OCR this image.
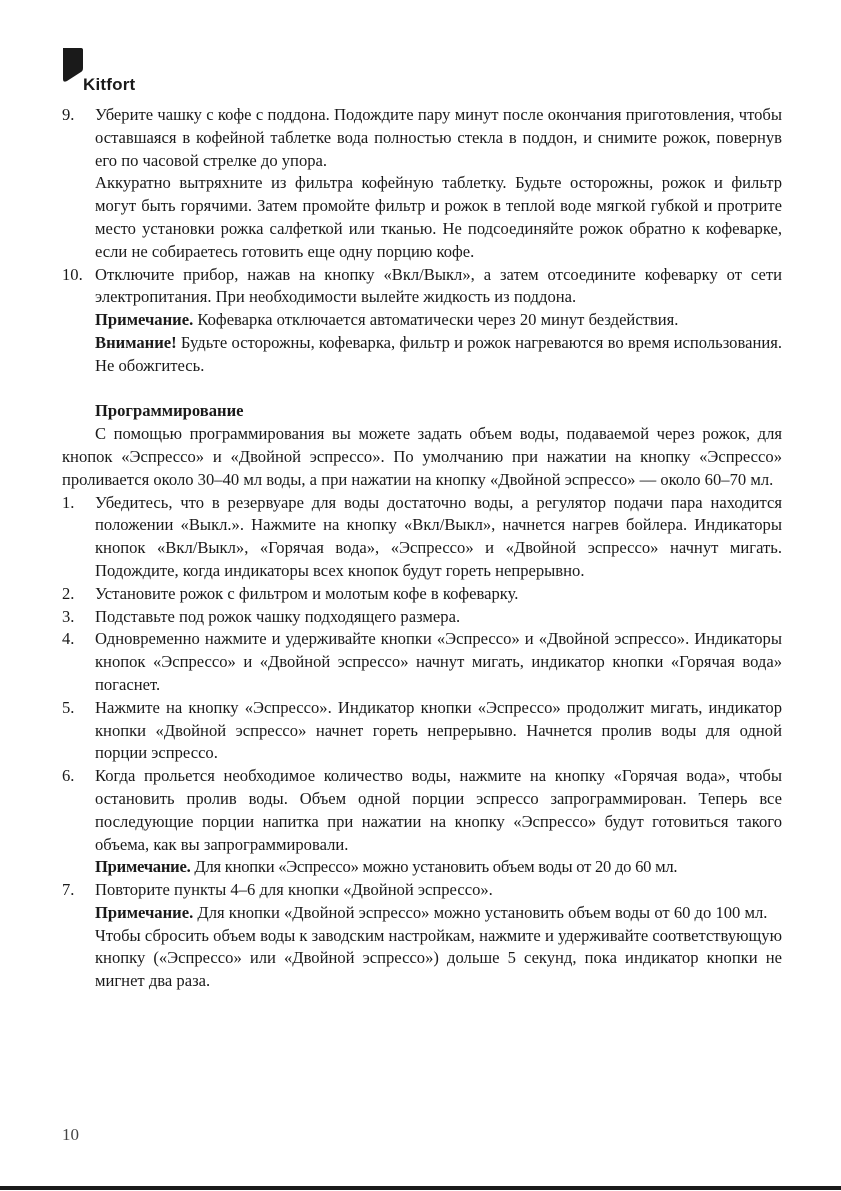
Kitfort

9. Уберите чашку с кофе с поддона. Подождите пару минут после окончания приготовления, чтобы оставшаяся в кофейной таблетке вода полностью стекла в поддон, и снимите рожок, повернув его по часовой стрелке до упора.

Аккуратно вытряхните из фильтра кофейную таблетку. Будьте осторожны, рожок и фильтр могут быть горячими. Затем промойте фильтр и рожок в теплой воде мягкой губкой и протрите место установки рожка салфеткой или тканью. Не подсоединяйте рожок обратно к кофеварке, если не собираетесь готовить еще одну порцию кофе.

10. Отключите прибор, нажав на кнопку «Вкл/Выкл», а затем отсоедините кофеварку от сети электропитания. При необходимости вылейте жидкость из поддона.

Примечание. Кофеварка отключается автоматически через 20 минут бездействия.

Внимание! Будьте осторожны, кофеварка, фильтр и рожок нагреваются во время использования. Не обожгитесь.

Программирование

С помощью программирования вы можете задать объем воды, подаваемой через рожок, для кнопок «Эспрессо» и «Двойной эспрессо». По умолчанию при нажатии на кнопку «Эспрессо» проливается около 30–40 мл воды, а при нажатии на кнопку «Двойной эспрессо» — около 60–70 мл.

1. Убедитесь, что в резервуаре для воды достаточно воды, а регулятор подачи пара находится положении «Выкл.». Нажмите на кнопку «Вкл/Выкл», начнется нагрев бойлера. Индикаторы кнопок «Вкл/Выкл», «Горячая вода», «Эспрессо» и «Двойной эспрессо» начнут мигать. Подождите, когда индикаторы всех кнопок будут гореть непрерывно.

2. Установите рожок с фильтром и молотым кофе в кофеварку.

3. Подставьте под рожок чашку подходящего размера.

4. Одновременно нажмите и удерживайте кнопки «Эспрессо» и «Двойной эспрессо». Индикаторы кнопок «Эспрессо» и «Двойной эспрессо» начнут мигать, индикатор кнопки «Горячая вода» погаснет.

5. Нажмите на кнопку «Эспрессо». Индикатор кнопки «Эспрессо» продолжит мигать, индикатор кнопки «Двойной эспрессо» начнет гореть непрерывно. Начнется пролив воды для одной порции эспрессо.

6. Когда прольется необходимое количество воды, нажмите на кнопку «Горячая вода», чтобы остановить пролив воды. Объем одной порции эспрессо запрограммирован. Теперь все последующие порции напитка при нажатии на кнопку «Эспрессо» будут готовиться такого объема, как вы запрограммировали.

Примечание. Для кнопки «Эспрессо» можно установить объем воды от 20 до 60 мл.

7. Повторите пункты 4–6 для кнопки «Двойной эспрессо».

Примечание. Для кнопки «Двойной эспрессо» можно установить объем воды от 60 до 100 мл.

Чтобы сбросить объем воды к заводским настройкам, нажмите и удерживайте соответствующую кнопку («Эспрессо» или «Двойной эспрессо») дольше 5 секунд, пока индикатор кнопки не мигнет два раза.

10
